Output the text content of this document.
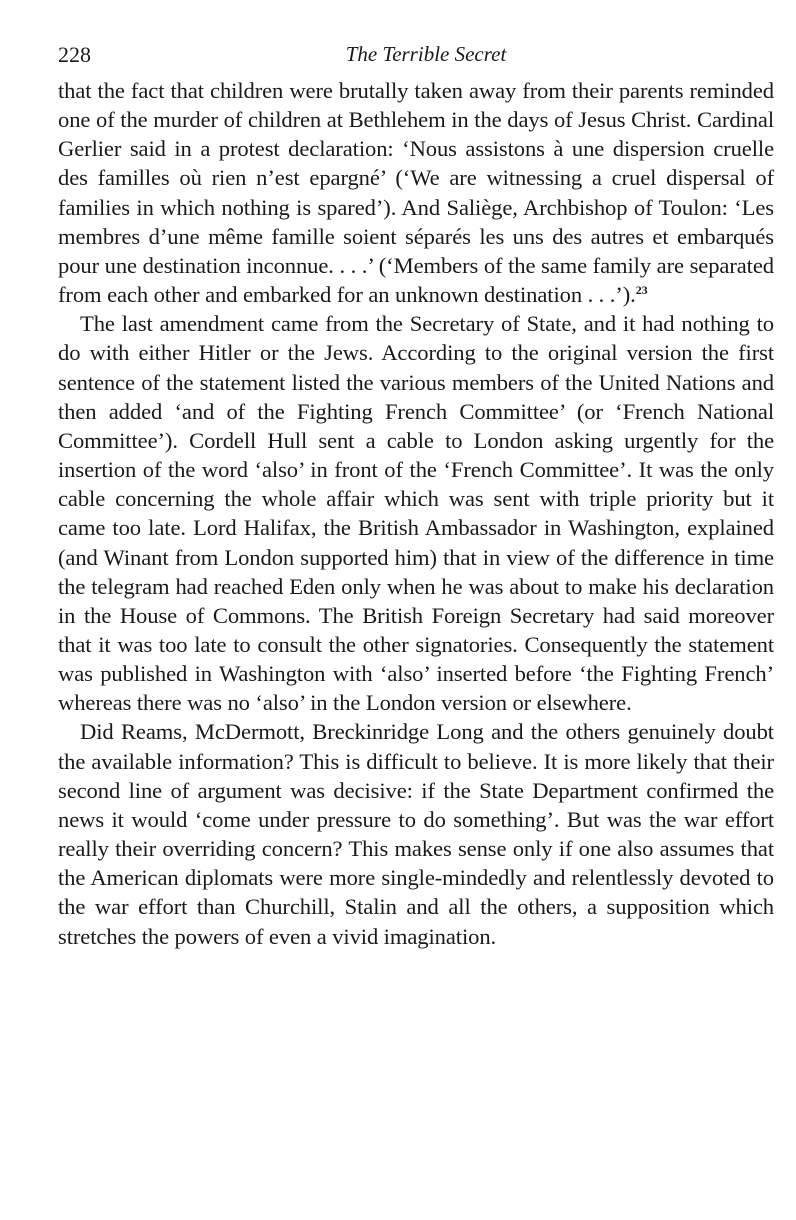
228	The Terrible Secret

that the fact that children were brutally taken away from their parents reminded one of the murder of children at Bethlehem in the days of Jesus Christ. Cardinal Gerlier said in a protest declaration: ‘Nous assistons à une dispersion cruelle des familles où rien n’est epargné’ (‘We are witnessing a cruel dispersal of families in which nothing is spared’). And Saliège, Archbishop of Toulon: ‘Les membres d’une même famille soient séparés les uns des autres et embarqués pour une destination inconnue. . . .’ (‘Members of the same family are separated from each other and embarked for an unknown destination . . .’).$^{23}$

The last amendment came from the Secretary of State, and it had nothing to do with either Hitler or the Jews. According to the original version the first sentence of the statement listed the various members of the United Nations and then added ‘and of the Fighting French Committee’ (or ‘French National Committee’). Cordell Hull sent a cable to London asking urgently for the insertion of the word ‘also’ in front of the ‘French Committee’. It was the only cable concerning the whole affair which was sent with triple priority but it came too late. Lord Halifax, the British Ambassador in Washington, explained (and Winant from London supported him) that in view of the difference in time the telegram had reached Eden only when he was about to make his declaration in the House of Commons. The British Foreign Secretary had said moreover that it was too late to consult the other signatories. Consequently the statement was published in Washington with ‘also’ inserted before ‘the Fighting French’ whereas there was no ‘also’ in the London version or elsewhere.

Did Reams, McDermott, Breckinridge Long and the others genuinely doubt the available information? This is difficult to believe. It is more likely that their second line of argument was decisive: if the State Department confirmed the news it would ‘come under pressure to do something’. But was the war effort really their overriding concern? This makes sense only if one also assumes that the American diplomats were more single-mindedly and relentlessly devoted to the war effort than Churchill, Stalin and all the others, a supposition which stretches the powers of even a vivid imagination.
